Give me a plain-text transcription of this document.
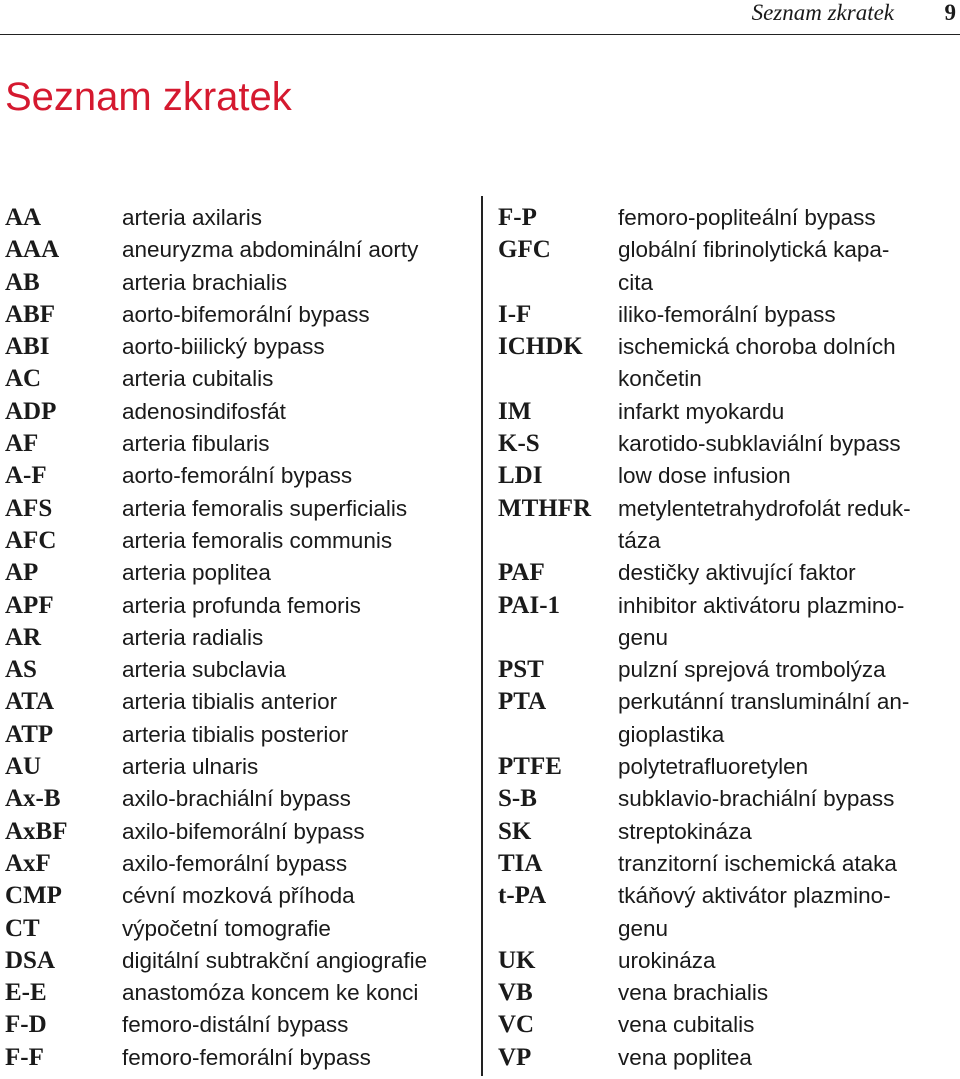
Seznam zkratek 9
Seznam zkratek
AA	arteria axilaris
AAA	aneuryzma abdominální aorty
AB	arteria brachialis
ABF	aorto-bifemorální bypass
ABI	aorto-biilický bypass
AC	arteria cubitalis
ADP	adenosindifosfát
AF	arteria fibularis
A-F	aorto-femorální bypass
AFS	arteria femoralis superficialis
AFC	arteria femoralis communis
AP	arteria poplitea
APF	arteria profunda femoris
AR	arteria radialis
AS	arteria subclavia
ATA	arteria tibialis anterior
ATP	arteria tibialis posterior
AU	arteria ulnaris
Ax-B	axilo-brachiální bypass
AxBF	axilo-bifemorální bypass
AxF	axilo-femorální bypass
CMP	cévní mozková příhoda
CT	výpočetní tomografie
DSA	digitální subtrakční angiografie
E-E	anastomóza koncem ke konci
F-D	femoro-distální bypass
F-F	femoro-femorální bypass
F-P	femoro-popliteální bypass
GFC	globální fibrinolytická kapa-
cita
I-F	iliko-femorální bypass
ICHDK	ischemická choroba dolních
končetin
IM	infarkt myokardu
K-S	karotido-subklaviální bypass
LDI	low dose infusion
MTHFR	metylentetrahydrofolát reduk-
táza
PAF	destičky aktivující faktor
PAI-1	inhibitor aktivátoru plazmino-
genu
PST	pulzní sprejová trombolýza
PTA	perkutánní transluminální an-
gioplastika
PTFE	polytetrafluoretylen
S-B	subklavio-brachiální bypass
SK	streptokináza
TIA	tranzitorní ischemická ataka
t-PA	tkáňový aktivátor plazmino-
genu
UK	urokináza
VB	vena brachialis
VC	vena cubitalis
VP	vena poplitea
